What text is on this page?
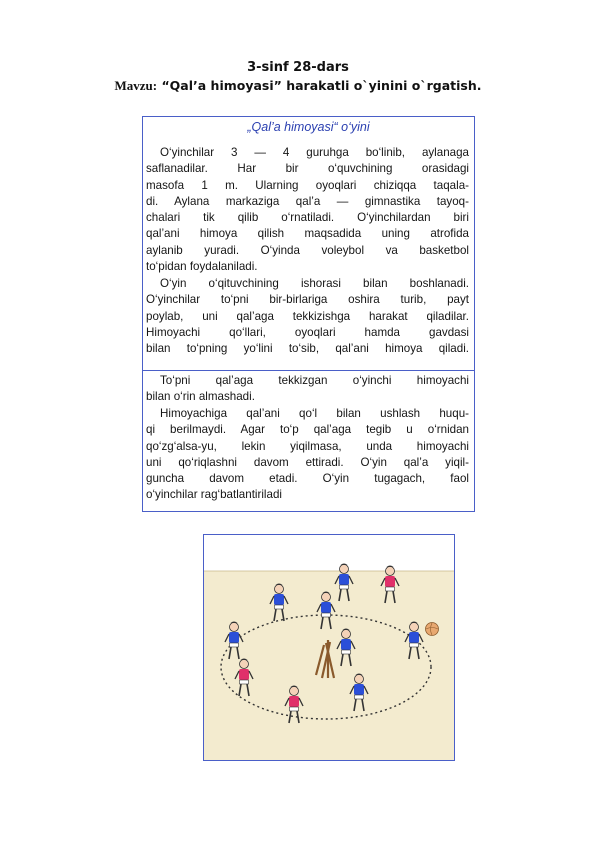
3-sinf 28-dars
Mavzu: “Qal’a himoyasi” harakatli o`yinini o`rgatish.
„Qal’a himoyasi“ o‘yini
O‘yinchilar 3 — 4 guruhga bo‘linib, aylanaga
saflanadilar. Har bir o‘quvchining orasidagi
masofa 1 m. Ularning oyoqlari chiziqqa taqala-
di. Aylana markaziga qal’a — gimnastika tayoq-
chalari tik qilib o‘rnatiladi. O‘yinchilardan biri
qal’ani himoya qilish maqsadida uning atrofida
aylanib yuradi. O‘yinda voleybol va basketbol
to‘pidan foydalaniladi.
O‘yin o‘qituvchining ishorasi bilan boshlanadi.
O‘yinchilar to‘pni bir-birlariga oshira turib, payt
poylab, uni qal’aga tekkizishga harakat qiladilar.
Himoyachi qo‘llari, oyoqlari hamda gavdasi
bilan to‘pning yo‘lini to‘sib, qal’ani himoya qiladi.
To‘pni qal’aga tekkizgan o‘yinchi himoyachi
bilan o‘rin almashadi.
Himoyachiga qal’ani qo‘l bilan ushlash huqu-
qi berilmaydi. Agar to‘p qal’aga tegib u o‘rnidan
qo‘zg‘alsa-yu, lekin yiqilmasa, unda himoyachi
uni qo‘riqlashni davom ettiradi. O‘yin qal’a yiqil-
guncha davom etadi. O‘yin tugagach, faol
o‘yinchilar rag‘batlantiriladi
